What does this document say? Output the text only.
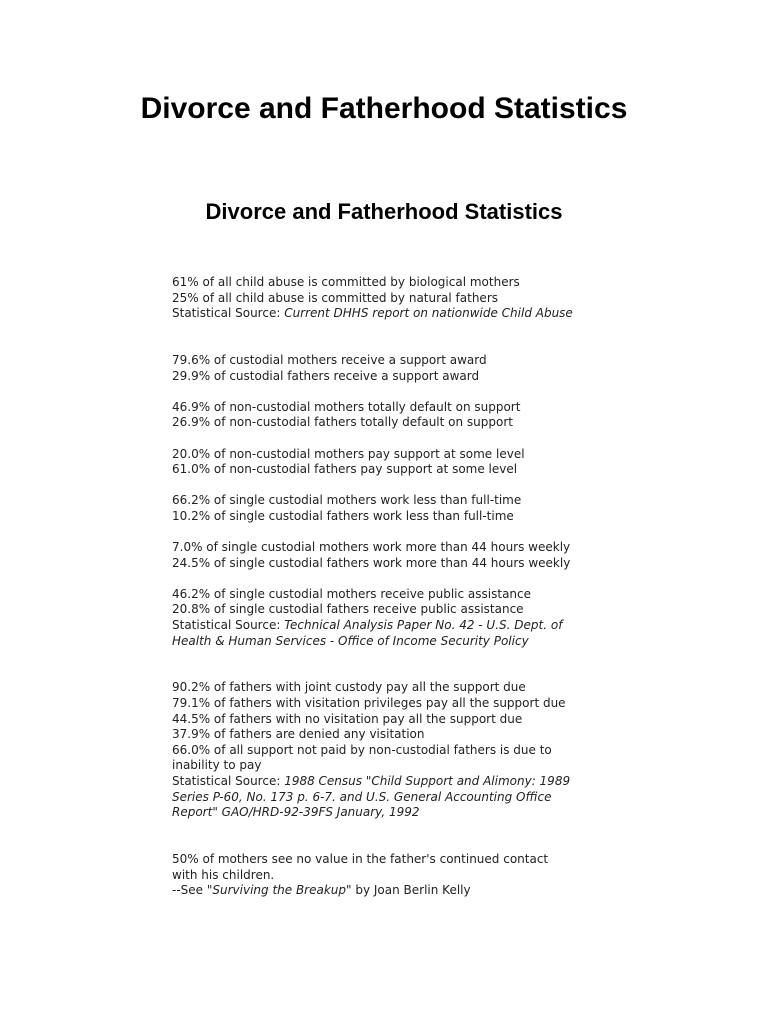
Divorce and Fatherhood Statistics
Divorce and Fatherhood Statistics
61% of all child abuse is committed by biological mothers
25% of all child abuse is committed by natural fathers
Statistical Source: Current DHHS report on nationwide Child Abuse
79.6% of custodial mothers receive a support award
29.9% of custodial fathers receive a support award
46.9% of non-custodial mothers totally default on support
26.9% of non-custodial fathers totally default on support
20.0% of non-custodial mothers pay support at some level
61.0% of non-custodial fathers pay support at some level
66.2% of single custodial mothers work less than full-time
10.2% of single custodial fathers work less than full-time
7.0% of single custodial mothers work more than 44 hours weekly
24.5% of single custodial fathers work more than 44 hours weekly
46.2% of single custodial mothers receive public assistance
20.8% of single custodial fathers receive public assistance
Statistical Source: Technical Analysis Paper No. 42 - U.S. Dept. of
Health & Human Services - Office of Income Security Policy
90.2% of fathers with joint custody pay all the support due
79.1% of fathers with visitation privileges pay all the support due
44.5% of fathers with no visitation pay all the support due
37.9% of fathers are denied any visitation
66.0% of all support not paid by non-custodial fathers is due to
inability to pay
Statistical Source: 1988 Census "Child Support and Alimony: 1989
Series P-60, No. 173 p. 6-7. and U.S. General Accounting Office
Report" GAO/HRD-92-39FS January, 1992
50% of mothers see no value in the father's continued contact
with his children.
--See "Surviving the Breakup" by Joan Berlin Kelly
